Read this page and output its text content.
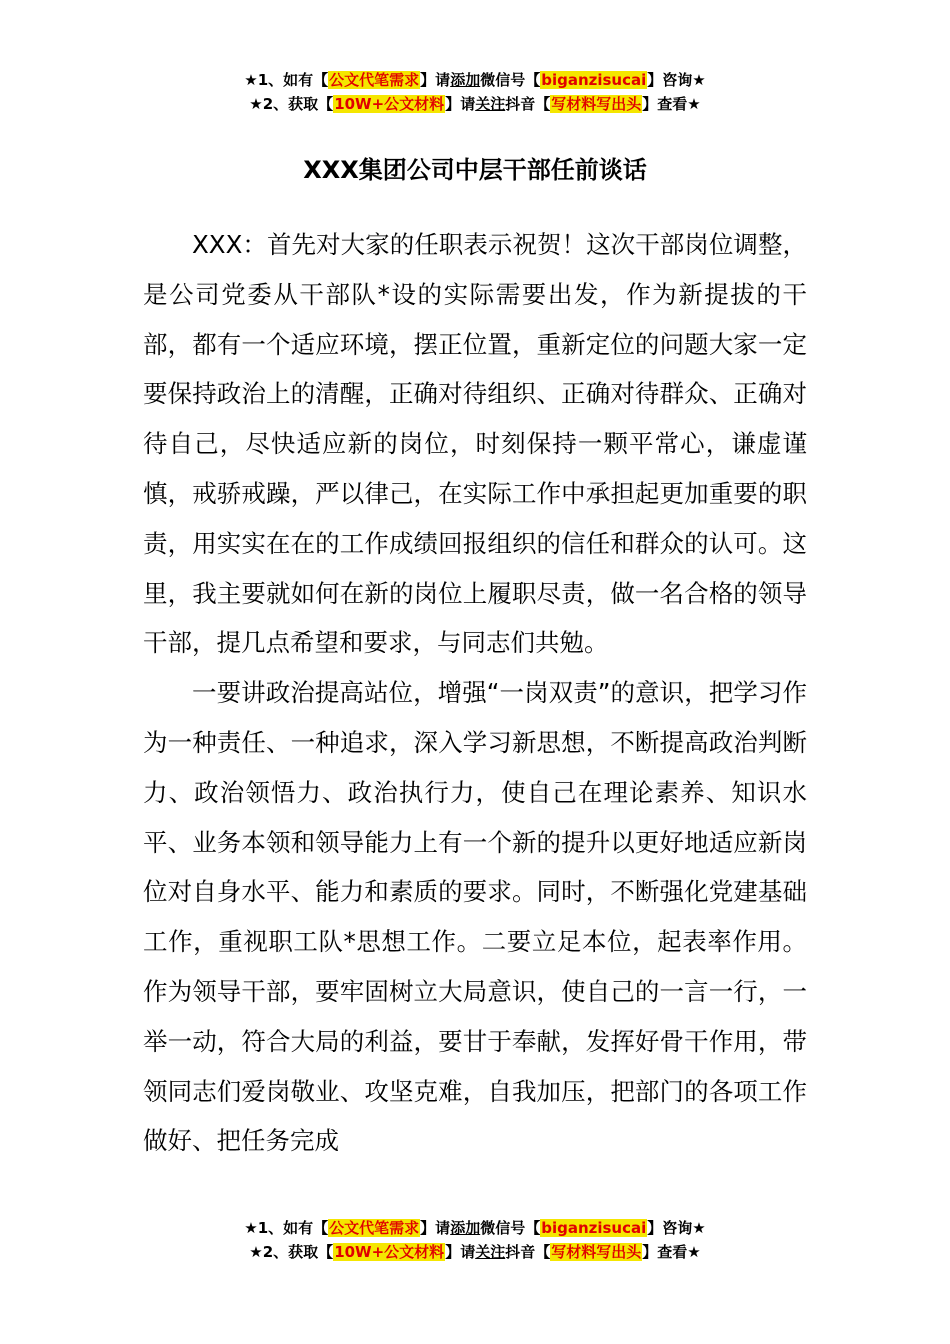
★1、如有【公文代笔需求】请添加微信号【biganzisucai】咨询★
★2、获取【10W+公文材料】请关注抖音【写材料写出头】查看★
XXX集团公司中层干部任前谈话

XXX：首先对大家的任职表示祝贺！这次干部岗位调整，是公司党委从干部队*设的实际需要出发，作为新提拔的干部，都有一个适应环境，摆正位置，重新定位的问题大家一定要保持政治上的清醒，正确对待组织、正确对待群众、正确对待自己，尽快适应新的岗位，时刻保持一颗平常心，谦虚谨慎，戒骄戒躁，严以律己，在实际工作中承担起更加重要的职责，用实实在在的工作成绩回报组织的信任和群众的认可。这里，我主要就如何在新的岗位上履职尽责，做一名合格的领导干部，提几点希望和要求，与同志们共勉。

一要讲政治提高站位，增强“一岗双责”的意识，把学习作为一种责任、一种追求，深入学习新思想，不断提高政治判断力、政治领悟力、政治执行力，使自己在理论素养、知识水平、业务本领和领导能力上有一个新的提升以更好地适应新岗位对自身水平、能力和素质的要求。同时，不断强化党建基础工作，重视职工队*思想工作。二要立足本位，起表率作用。作为领导干部，要牢固树立大局意识，使自己的一言一行，一举一动，符合大局的利益，要甘于奉献，发挥好骨干作用，带领同志们爱岗敬业、攻坚克难，自我加压，把部门的各项工作做好、把任务完成

★1、如有【公文代笔需求】请添加微信号【biganzisucai】咨询★
★2、获取【10W+公文材料】请关注抖音【写材料写出头】查看★
